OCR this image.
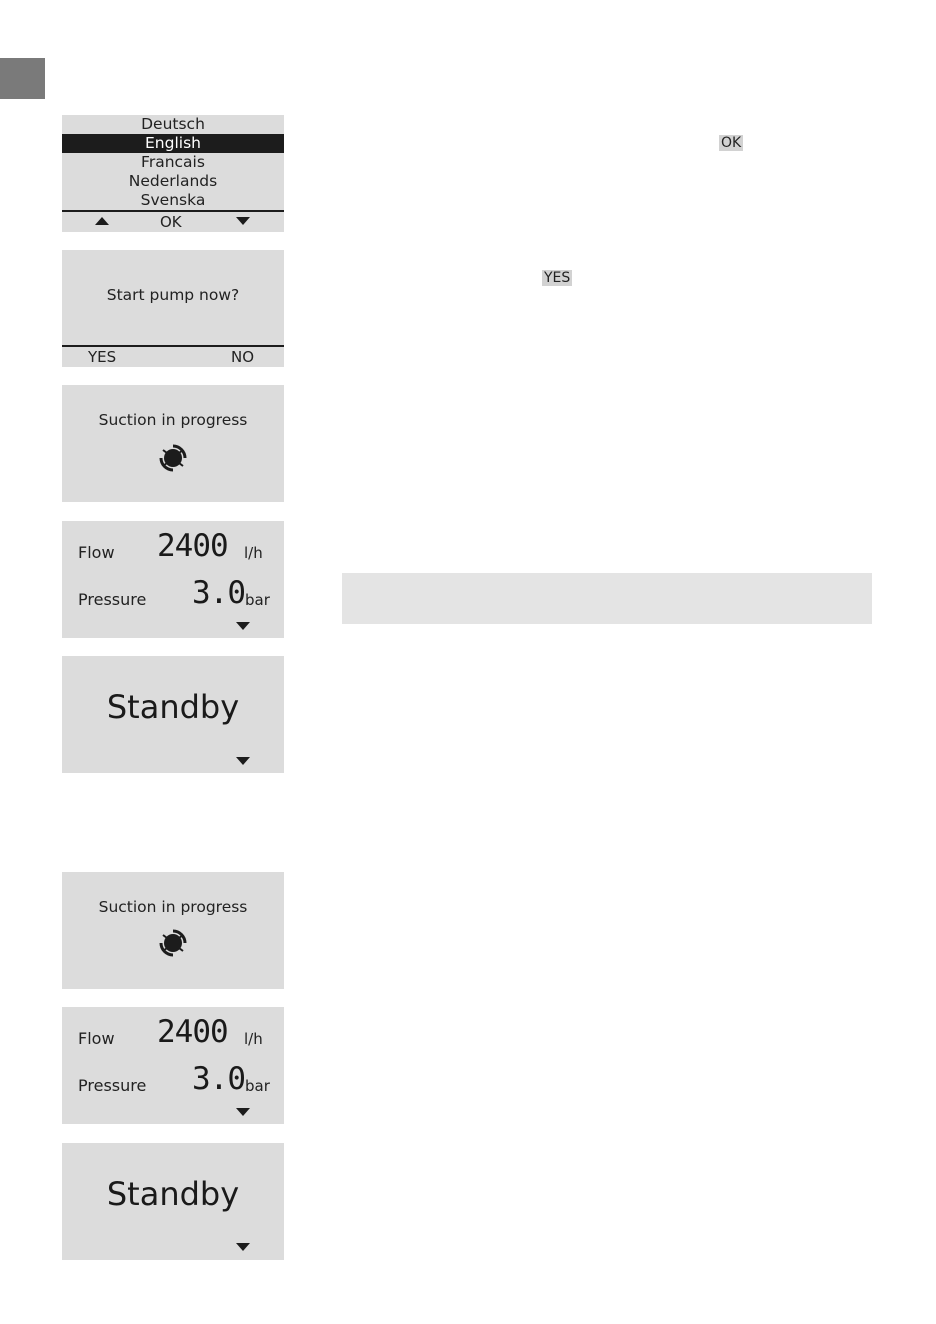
Deutsch
English
Francais
Nederlands
Svenska
OK
Start pump now?
YES	NO
Suction in progress
Flow 2400 l/h
Pressure 3.0 bar
Standby
Suction in progress
Flow 2400 l/h
Pressure 3.0 bar
Standby
OK
YES
